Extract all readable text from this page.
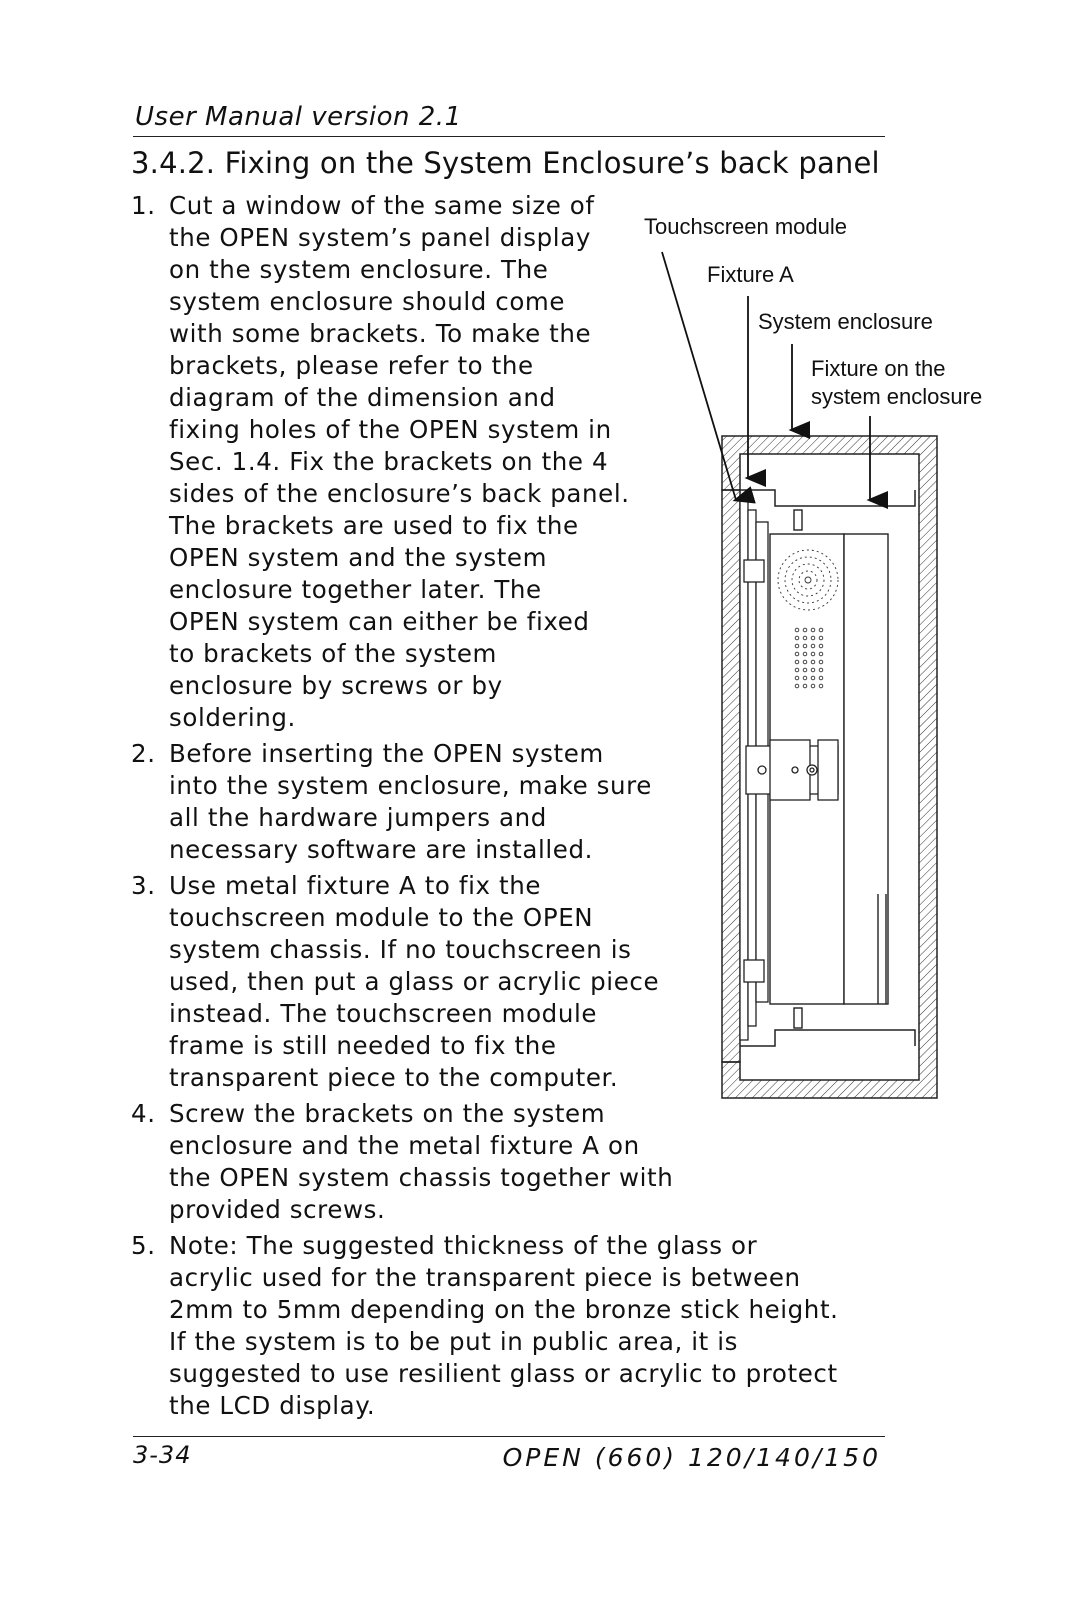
User Manual version 2.1
3.4.2. Fixing on the System Enclosure’s back panel
1. Cut a window of the same size of
the OPEN system’s panel display
on the system enclosure. The
system enclosure should come
with some brackets. To make the
brackets, please refer to the
diagram of the dimension and
fixing holes of the OPEN system in
Sec. 1.4. Fix the brackets on the 4
sides of the enclosure’s back panel.
The brackets are used to fix the
OPEN system and the system
enclosure together later. The
OPEN system can either be fixed
to brackets of the system
enclosure by screws or by
soldering.
2. Before inserting the OPEN system
into the system enclosure, make sure
all the hardware jumpers and
necessary software are installed.
3. Use metal fixture A to fix the
touchscreen module to the OPEN
system chassis. If no touchscreen is
used, then put a glass or acrylic piece
instead. The touchscreen module
frame is still needed to fix the
transparent piece to the computer.
4. Screw the brackets on the system
enclosure and the metal fixture A on
the OPEN system chassis together with
provided screws.
5. Note: The suggested thickness of the glass or
acrylic used for the transparent piece is between
2mm to 5mm depending on the bronze stick height.
If the system is to be put in public area, it is
suggested to use resilient glass or acrylic to protect
the LCD display.
Touchscreen module
Fixture A
System enclosure
Fixture on the
system enclosure
3-34	OPEN (660) 120/140/150
